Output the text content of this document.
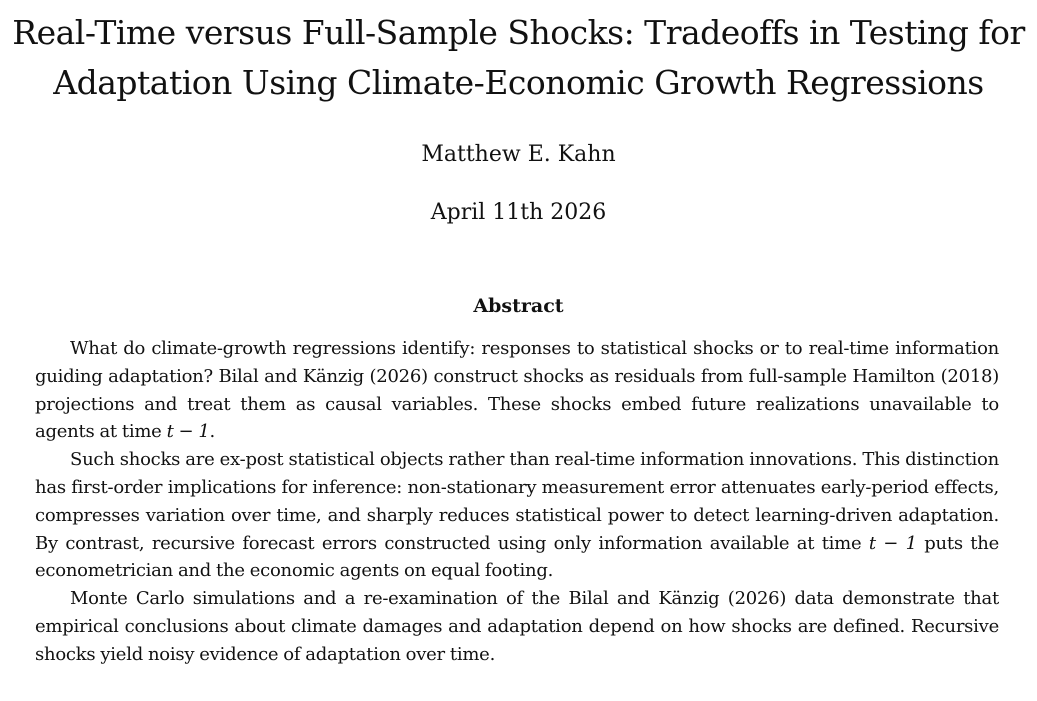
Real-Time versus Full-Sample Shocks: Tradeoffs in Testing for
Adaptation Using Climate-Economic Growth Regressions
Matthew E. Kahn
April 11th 2026
Abstract

What do climate-growth regressions identify: responses to statistical shocks or to real-time information guiding adaptation? Bilal and Känzig (2026) construct shocks as residuals from full-sample Hamilton (2018) projections and treat them as causal variables. These shocks embed future realizations unavailable to agents at time t − 1.

Such shocks are ex-post statistical objects rather than real-time information innovations. This distinction has first-order implications for inference: non-stationary measurement error attenuates early-period effects, compresses variation over time, and sharply reduces statistical power to detect learning-driven adaptation. By contrast, recursive forecast errors constructed using only information available at time t − 1 puts the econometrician and the economic agents on equal footing.

Monte Carlo simulations and a re-examination of the Bilal and Känzig (2026) data demonstrate that empirical conclusions about climate damages and adaptation depend on how shocks are defined. Recursive shocks yield noisy evidence of adaptation over time.
